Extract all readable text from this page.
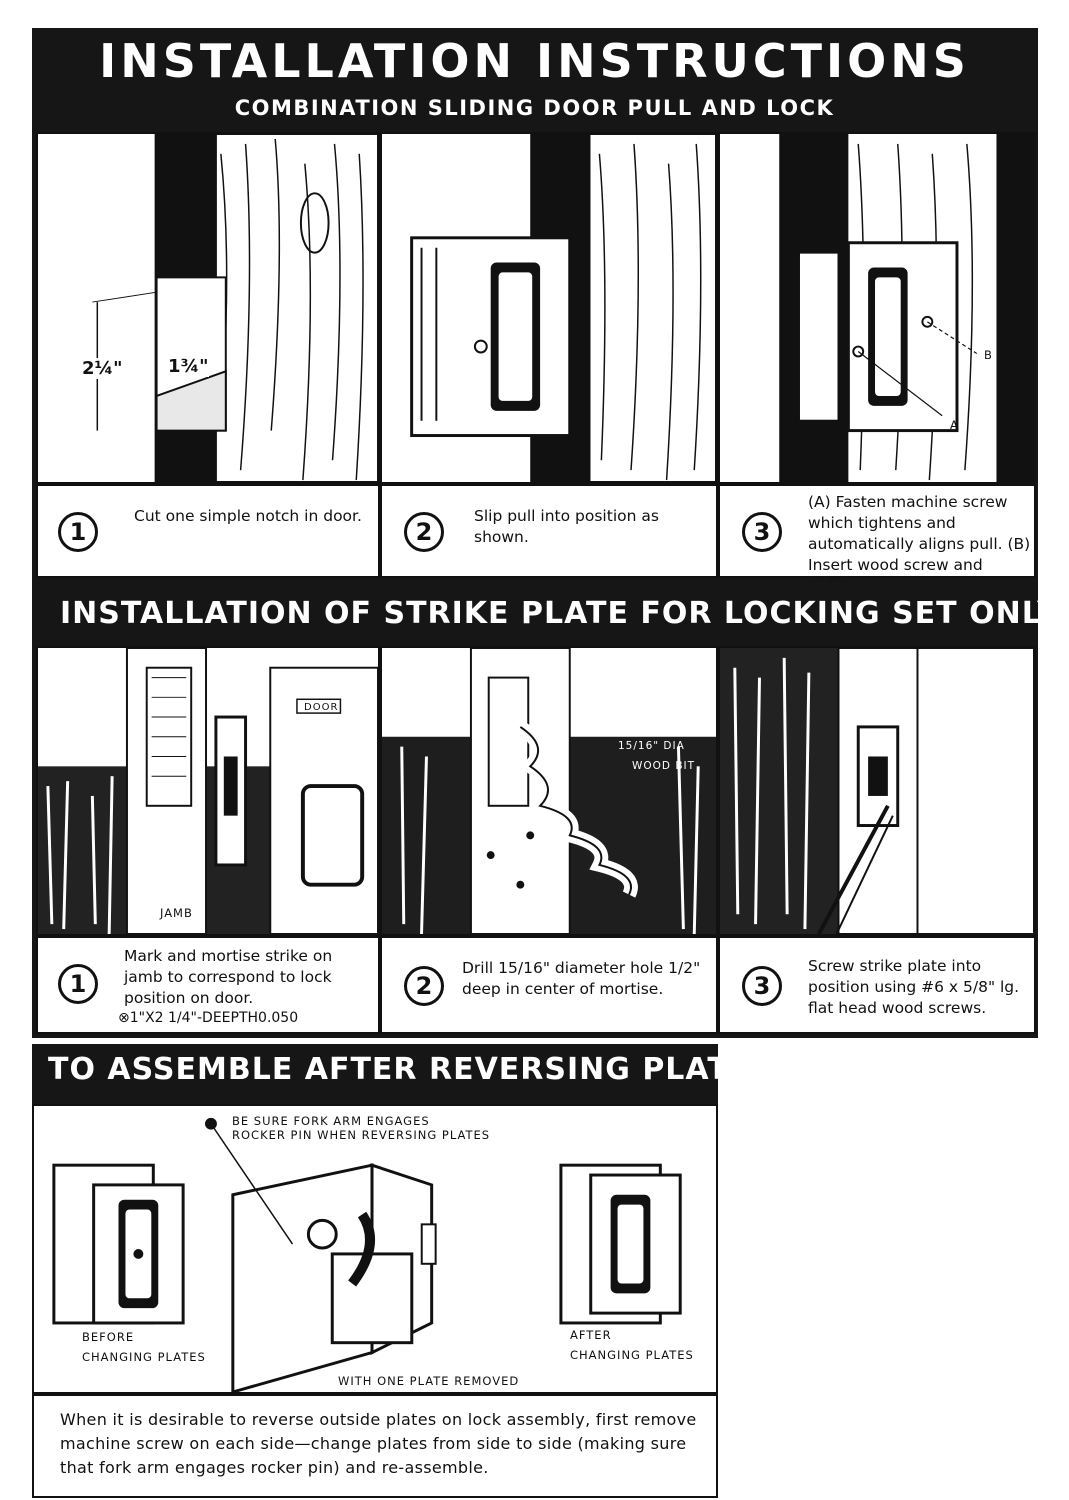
INSTALLATION INSTRUCTIONS
COMBINATION SLIDING DOOR PULL AND LOCK
2¼"	1¾"
A
B
1
Cut one simple notch in door.
2
Slip pull into position as shown.	3
(A) Fasten machine screw which tightens and automatically aligns pull. (B) Insert wood screw and
INSTALLATION OF STRIKE PLATE FOR LOCKING SET ONLY
DOOR
JAMB
15/16" DIA
WOOD BIT
1
Mark and mortise strike on jamb to correspond to lock position on door.
⊗1"X2 1/4"-DEEPTH0.050
2
Drill 15/16" diameter hole 1/2" deep in center of mortise.	3
Screw strike plate into position using #6 x 5/8" lg. flat head wood screws.
TO ASSEMBLE AFTER REVERSING PLATES
BE SURE FORK ARM ENGAGES
ROCKER PIN WHEN REVERSING PLATES
BEFORE
CHANGING PLATES
AFTER
CHANGING PLATES
WITH ONE PLATE REMOVED
When it is desirable to reverse outside plates on lock assembly, first remove machine screw on each side—change plates from side to side (making sure that fork arm engages rocker pin) and re-assemble.
